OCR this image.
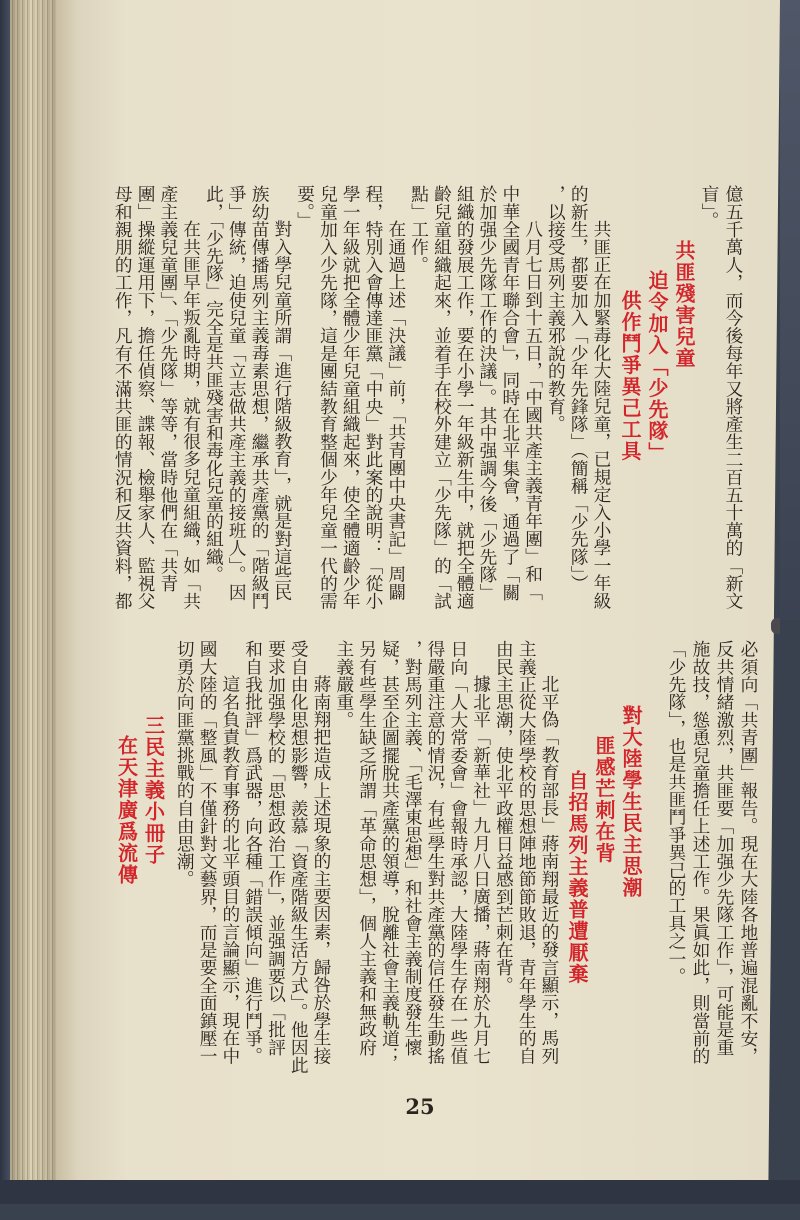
億五千萬人，而今後每年又將產生二百五十萬的「新文
盲」。
共匪殘害兒童
迫令加入「少先隊」
供作鬥爭異己工具
共匪正在加緊毒化大陸兒童，已規定入小學一年級
的新生，都要加入「少年先鋒隊」（簡稱「少先隊」）
，以接受馬列主義邪說的教育。
八月七日到十五日，「中國共產主義青年團」和「
中華全國青年聯合會」，同時在北平集會，通過了「關
於加强少先隊工作的決議」。其中强調今後「少先隊」
組織的發展工作，要在小學一年級新生中，就把全體適
齡兒童組織起來，並着手在校外建立「少先隊」的「試
點」工作。
在通過上述「決議」前，「共青團中央書記」周闢
程，特別入會傳達匪黨「中央」對此案的說明：「從小
學一年級就把全體少年兒童組織起來，使全體適齡少年
兒童加入少先隊，這是團結教育整個少年兒童一代的需
要。」
對入學兒童所謂「進行階級教育」，就是對這些民
族幼苗傳播馬列主義毒素思想，繼承共產黨的「階級鬥
爭」傳統，迫使兒童「立志做共產主義的接班人」。因
此，「少先隊」完全是共匪殘害和毒化兒童的組織。
在共匪早年叛亂時期，就有很多兒童組織，如「共
產主義兒童團」、「少先隊」等等，當時他們在「共青
團」操縱運用下，擔任偵察、諜報、檢舉家人、監視父
母和親朋的工作，凡有不滿共匪的情況和反共資料，都
必須向「共青團」報告。現在大陸各地普遍混亂不安，
反共情緒激烈，共匪要「加强少先隊工作」，可能是重
施故技，慫恿兒童擔任上述工作。果眞如此，則當前的
「少先隊」，也是共匪鬥爭異己的工具之一。
對大陸學生民主思潮
匪感芒刺在背
自招馬列主義普遭厭棄
北平偽「教育部長」蔣南翔最近的發言顯示，馬列
主義正從大陸學校的思想陣地節節敗退，青年學生的自
由民主思潮，使北平政權日益感到芒刺在背。
據北平「新華社」九月八日廣播，蔣南翔於九月七
日向「人大常委會」會報時承認，大陸學生存在一些值
得嚴重注意的情況，有些學生對共產黨的信任發生動搖
，對馬列主義、「毛澤東思想」和社會主義制度發生懷
疑，甚至企圖擺脫共產黨的領導，脫離社會主義軌道；
另有些學生缺乏所謂「革命思想」，個人主義和無政府
主義嚴重。
蔣南翔把造成上述現象的主要因素，歸咎於學生接
受自由化思想影響，羨慕「資產階級生活方式」。他因此
要求加强學校的「思想政治工作」，並强調要以「批評
和自我批評」爲武器，向各種「錯誤傾向」進行鬥爭。
這名負責教育事務的北平頭目的言論顯示，現在中
國大陸的「整風」不僅針對文藝界，而是要全面鎮壓一
切勇於向匪黨挑戰的自由思潮。
三民主義小冊子
在天津廣爲流傳
25
